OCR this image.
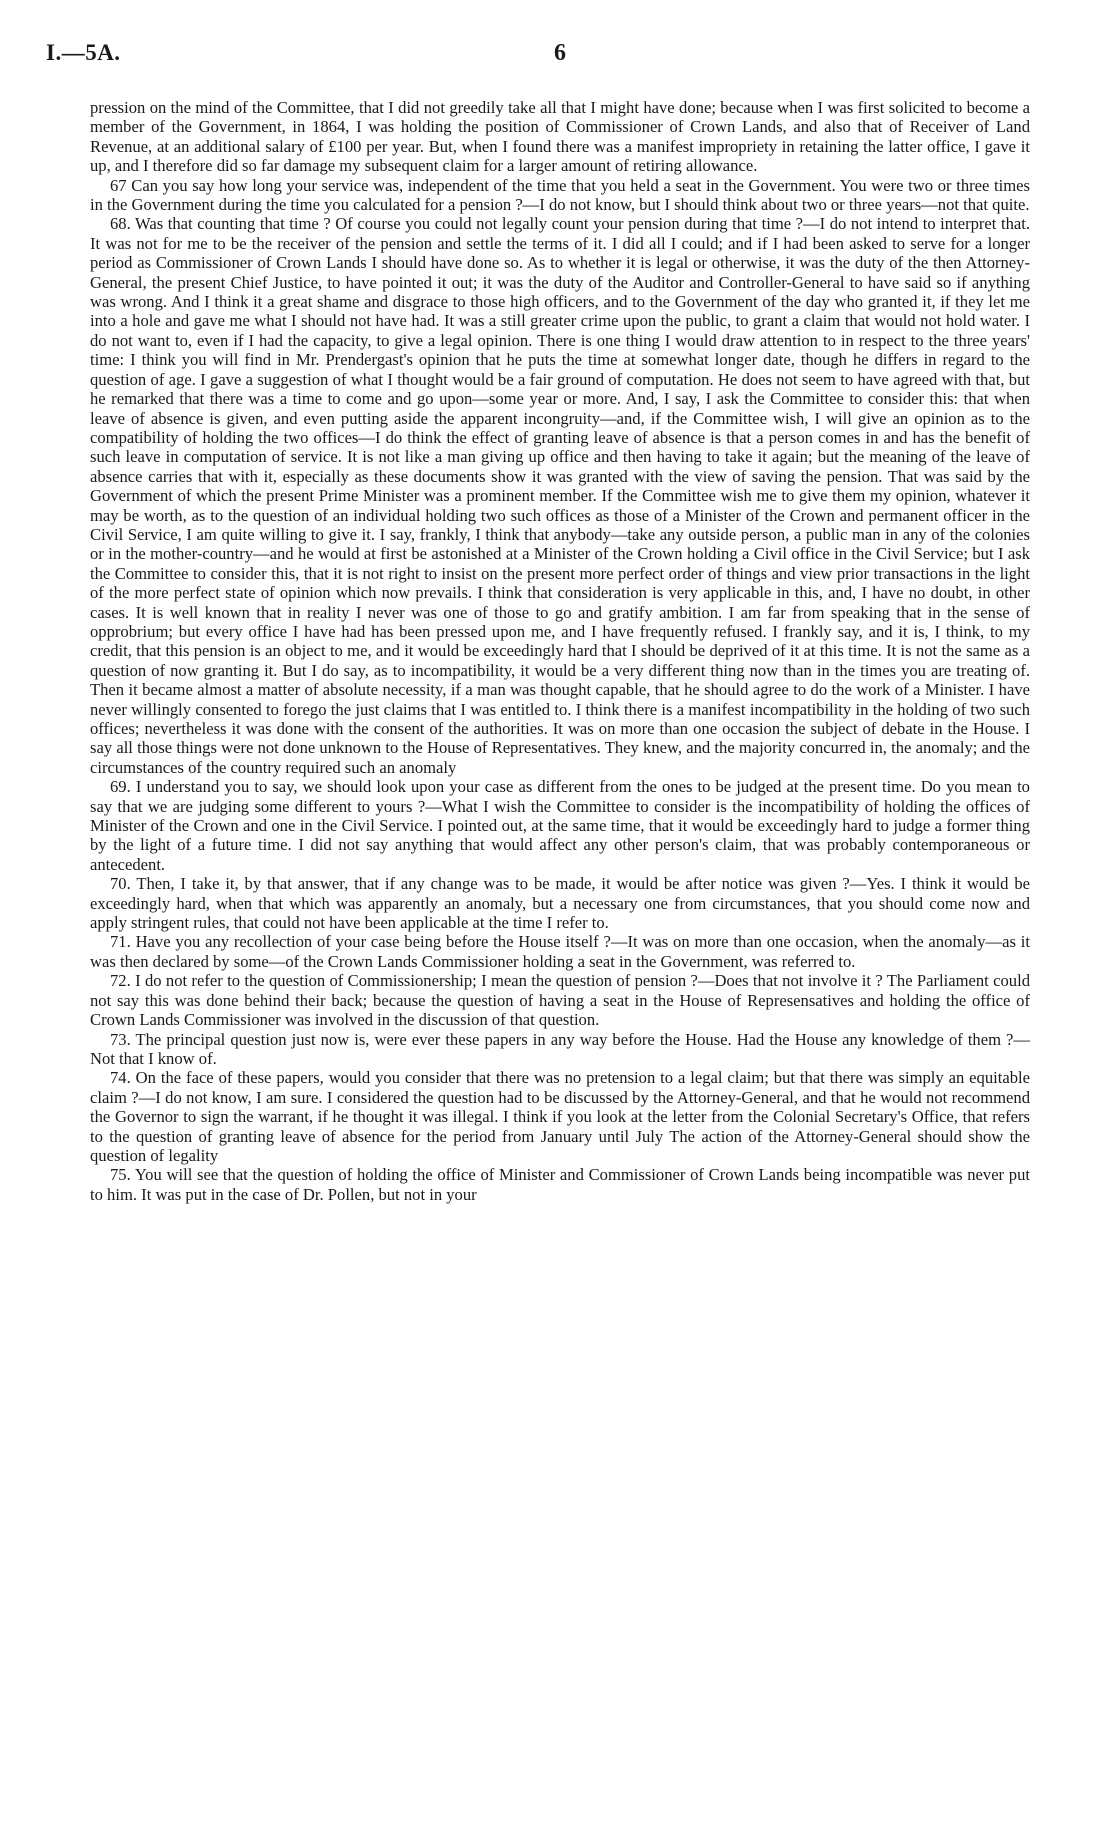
I.—5A.	6

pression on the mind of the Committee, that I did not greedily take all that I might have done; because when I was first solicited to become a member of the Government, in 1864, I was holding the position of Commissioner of Crown Lands, and also that of Receiver of Land Revenue, at an additional salary of £100 per year. But, when I found there was a manifest impropriety in retaining the latter office, I gave it up, and I therefore did so far damage my subsequent claim for a larger amount of retiring allowance.

67 Can you say how long your service was, independent of the time that you held a seat in the Government. You were two or three times in the Government during the time you calculated for a pension ?—I do not know, but I should think about two or three years—not that quite.

68. Was that counting that time ? Of course you could not legally count your pension during that time ?—I do not intend to interpret that. It was not for me to be the receiver of the pension and settle the terms of it. I did all I could; and if I had been asked to serve for a longer period as Commissioner of Crown Lands I should have done so. As to whether it is legal or otherwise, it was the duty of the then Attorney-General, the present Chief Justice, to have pointed it out; it was the duty of the Auditor and Controller-General to have said so if anything was wrong. And I think it a great shame and disgrace to those high officers, and to the Government of the day who granted it, if they let me into a hole and gave me what I should not have had. It was a still greater crime upon the public, to grant a claim that would not hold water. I do not want to, even if I had the capacity, to give a legal opinion. There is one thing I would draw attention to in respect to the three years' time: I think you will find in Mr. Prendergast's opinion that he puts the time at somewhat longer date, though he differs in regard to the question of age. I gave a suggestion of what I thought would be a fair ground of computation. He does not seem to have agreed with that, but he remarked that there was a time to come and go upon—some year or more. And, I say, I ask the Committee to consider this: that when leave of absence is given, and even putting aside the apparent incongruity—and, if the Committee wish, I will give an opinion as to the compatibility of holding the two offices—I do think the effect of granting leave of absence is that a person comes in and has the benefit of such leave in computation of service. It is not like a man giving up office and then having to take it again; but the meaning of the leave of absence carries that with it, especially as these documents show it was granted with the view of saving the pension. That was said by the Government of which the present Prime Minister was a prominent member. If the Committee wish me to give them my opinion, whatever it may be worth, as to the question of an individual holding two such offices as those of a Minister of the Crown and permanent officer in the Civil Service, I am quite willing to give it. I say, frankly, I think that anybody—take any outside person, a public man in any of the colonies or in the mother-country—and he would at first be astonished at a Minister of the Crown holding a Civil office in the Civil Service; but I ask the Committee to consider this, that it is not right to insist on the present more perfect order of things and view prior transactions in the light of the more perfect state of opinion which now prevails. I think that consideration is very applicable in this, and, I have no doubt, in other cases. It is well known that in reality I never was one of those to go and gratify ambition. I am far from speaking that in the sense of opprobrium; but every office I have had has been pressed upon me, and I have frequently refused. I frankly say, and it is, I think, to my credit, that this pension is an object to me, and it would be exceedingly hard that I should be deprived of it at this time. It is not the same as a question of now granting it. But I do say, as to incompatibility, it would be a very different thing now than in the times you are treating of. Then it became almost a matter of absolute necessity, if a man was thought capable, that he should agree to do the work of a Minister. I have never willingly consented to forego the just claims that I was entitled to. I think there is a manifest incompatibility in the holding of two such offices; nevertheless it was done with the consent of the authorities. It was on more than one occasion the subject of debate in the House. I say all those things were not done unknown to the House of Representatives. They knew, and the majority concurred in, the anomaly; and the circumstances of the country required such an anomaly

69. I understand you to say, we should look upon your case as different from the ones to be judged at the present time. Do you mean to say that we are judging some different to yours ?—What I wish the Committee to consider is the incompatibility of holding the offices of Minister of the Crown and one in the Civil Service. I pointed out, at the same time, that it would be exceedingly hard to judge a former thing by the light of a future time. I did not say anything that would affect any other person's claim, that was probably contemporaneous or antecedent.

70. Then, I take it, by that answer, that if any change was to be made, it would be after notice was given ?—Yes. I think it would be exceedingly hard, when that which was apparently an anomaly, but a necessary one from circumstances, that you should come now and apply stringent rules, that could not have been applicable at the time I refer to.

71. Have you any recollection of your case being before the House itself ?—It was on more than one occasion, when the anomaly—as it was then declared by some—of the Crown Lands Commissioner holding a seat in the Government, was referred to.

72. I do not refer to the question of Commissionership; I mean the question of pension ?—Does that not involve it ? The Parliament could not say this was done behind their back; because the question of having a seat in the House of Represensatives and holding the office of Crown Lands Commissioner was involved in the discussion of that question.

73. The principal question just now is, were ever these papers in any way before the House. Had the House any knowledge of them ?—Not that I know of.

74. On the face of these papers, would you consider that there was no pretension to a legal claim; but that there was simply an equitable claim ?—I do not know, I am sure. I considered the question had to be discussed by the Attorney-General, and that he would not recommend the Governor to sign the warrant, if he thought it was illegal. I think if you look at the letter from the Colonial Secretary's Office, that refers to the question of granting leave of absence for the period from January until July The action of the Attorney-General should show the question of legality

75. You will see that the question of holding the office of Minister and Commissioner of Crown Lands being incompatible was never put to him. It was put in the case of Dr. Pollen, but not in your
